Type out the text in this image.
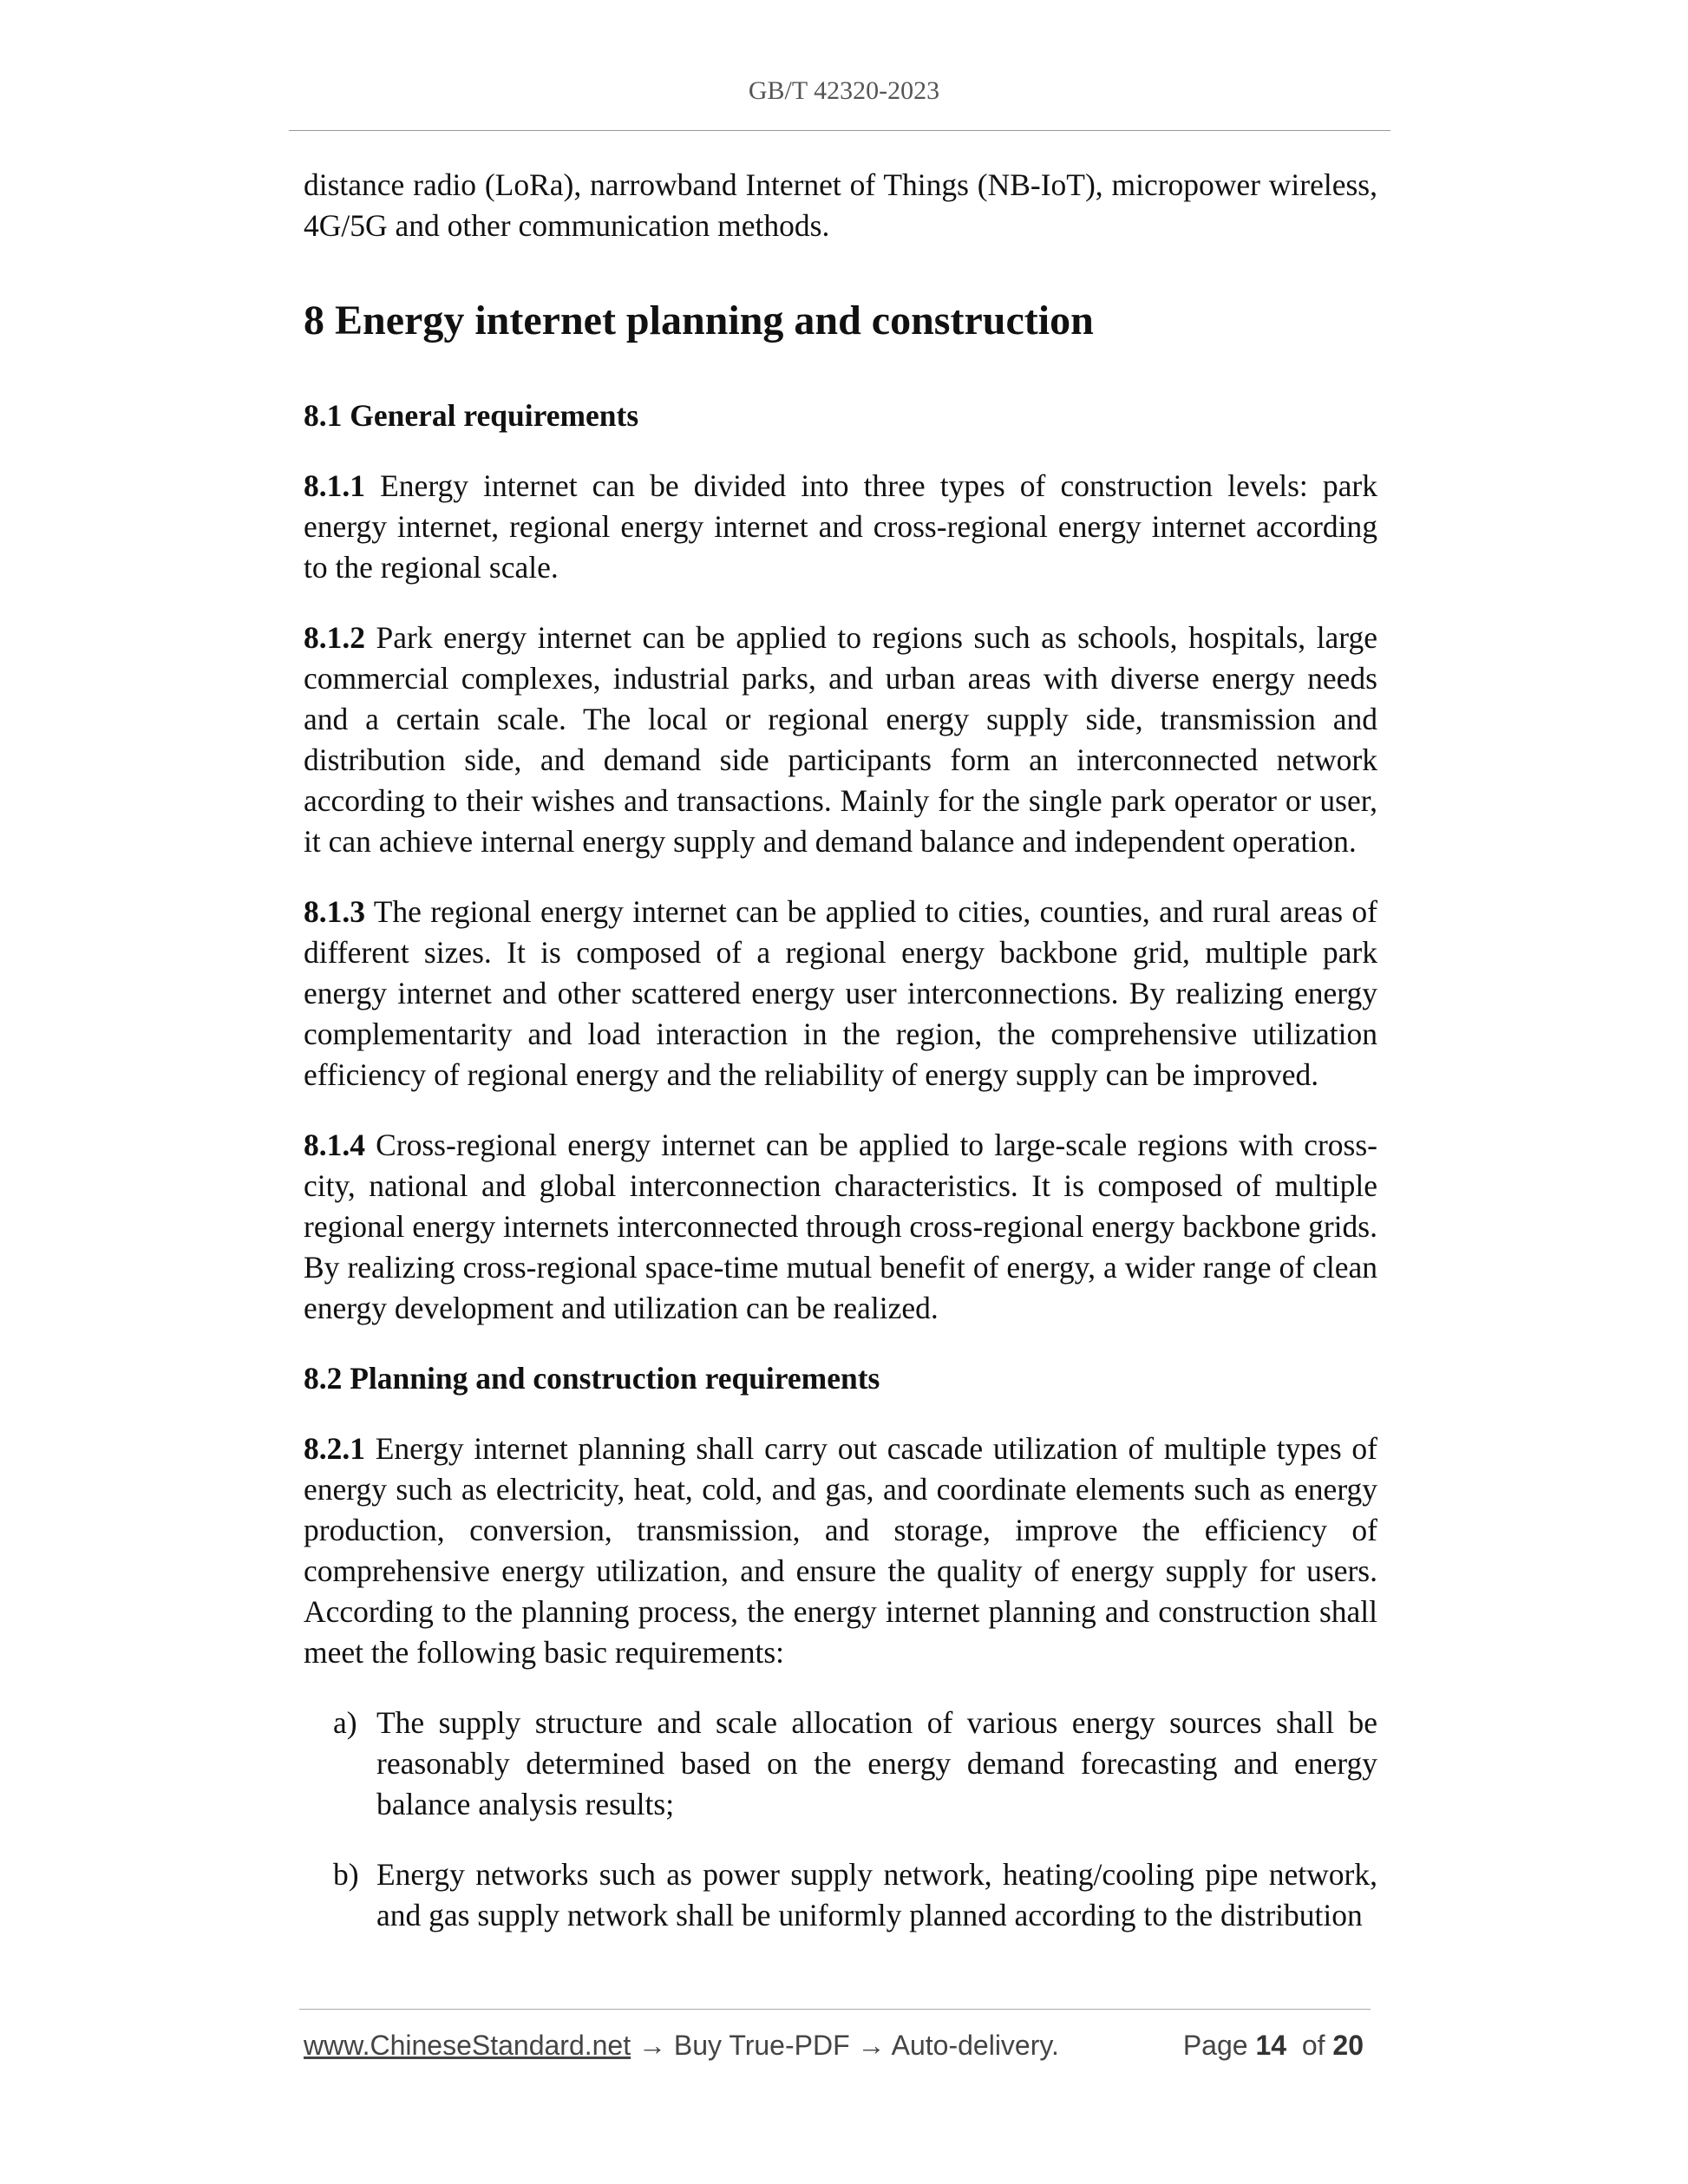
GB/T 42320-2023

distance radio (LoRa), narrowband Internet of Things (NB-IoT), micropower wireless, 4G/5G and other communication methods.

8 Energy internet planning and construction

8.1 General requirements

8.1.1 Energy internet can be divided into three types of construction levels: park energy internet, regional energy internet and cross-regional energy internet according to the regional scale.

8.1.2 Park energy internet can be applied to regions such as schools, hospitals, large commercial complexes, industrial parks, and urban areas with diverse energy needs and a certain scale. The local or regional energy supply side, transmission and distribution side, and demand side participants form an interconnected network according to their wishes and transactions. Mainly for the single park operator or user, it can achieve internal energy supply and demand balance and independent operation.

8.1.3 The regional energy internet can be applied to cities, counties, and rural areas of different sizes. It is composed of a regional energy backbone grid, multiple park energy internet and other scattered energy user interconnections. By realizing energy complementarity and load interaction in the region, the comprehensive utilization efficiency of regional energy and the reliability of energy supply can be improved.

8.1.4 Cross-regional energy internet can be applied to large-scale regions with cross-city, national and global interconnection characteristics. It is composed of multiple regional energy internets interconnected through cross-regional energy backbone grids. By realizing cross-regional space-time mutual benefit of energy, a wider range of clean energy development and utilization can be realized.

8.2 Planning and construction requirements

8.2.1 Energy internet planning shall carry out cascade utilization of multiple types of energy such as electricity, heat, cold, and gas, and coordinate elements such as energy production, conversion, transmission, and storage, improve the efficiency of comprehensive energy utilization, and ensure the quality of energy supply for users. According to the planning process, the energy internet planning and construction shall meet the following basic requirements:

a) The supply structure and scale allocation of various energy sources shall be reasonably determined based on the energy demand forecasting and energy balance analysis results;
b) Energy networks such as power supply network, heating/cooling pipe network, and gas supply network shall be uniformly planned according to the distribution
www.ChineseStandard.net → Buy True-PDF → Auto-delivery.	Page 14 of 20
